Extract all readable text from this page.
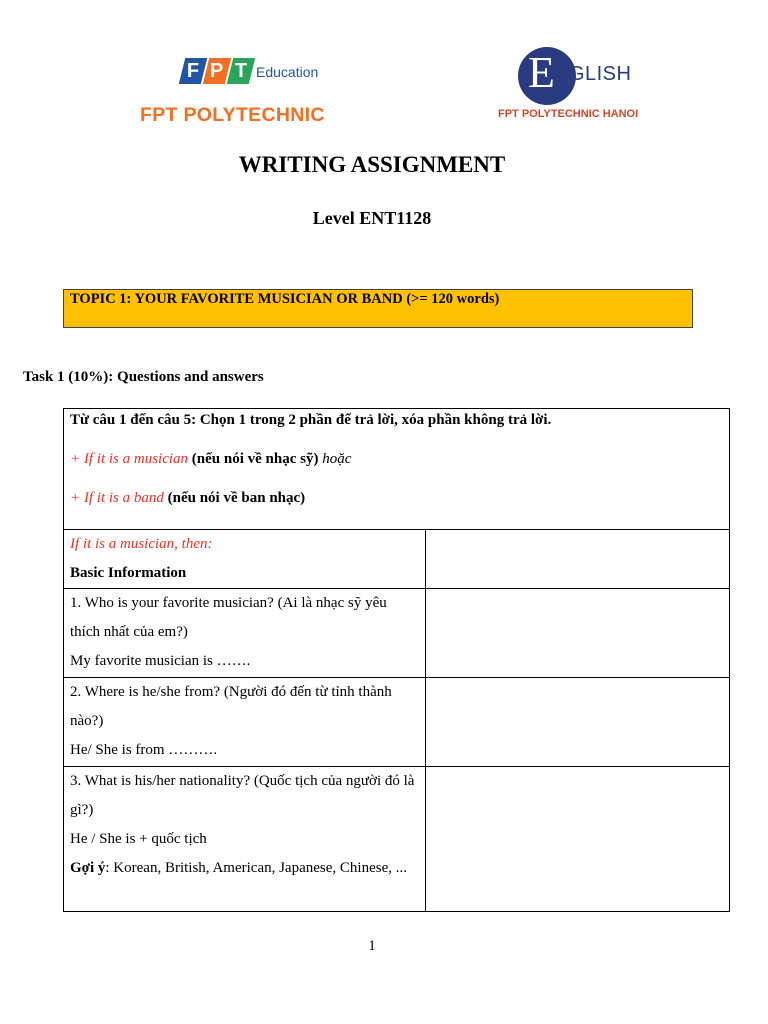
F P T Education
FPT POLYTECHNIC
E NGLISH
FPT POLYTECHNIC HANOI
WRITING ASSIGNMENT
Level ENT1128
TOPIC 1: YOUR FAVORITE MUSICIAN OR BAND (>= 120 words)
Task 1 (10%): Questions and answers

Từ câu 1 đến câu 5: Chọn 1 trong 2 phần để trả lời, xóa phần không trả lời.

+ If it is a musician (nếu nói về nhạc sỹ) hoặc

+ If it is a band (nếu nói về ban nhạc)	

If it is a musician, then:
Basic Information	

1. Who is your favorite musician? (Ai là nhạc sỹ yêu thích nhất của em?)
My favorite musician is …….	

2. Where is he/she from? (Người đó đến từ tỉnh thành nào?)
He/ She is from ……….	

3. What is his/her nationality? (Quốc tịch của người đó là gì?)
He / She is + quốc tịch
Gợi ý: Korean, British, American, Japanese, Chinese, ...	

1
